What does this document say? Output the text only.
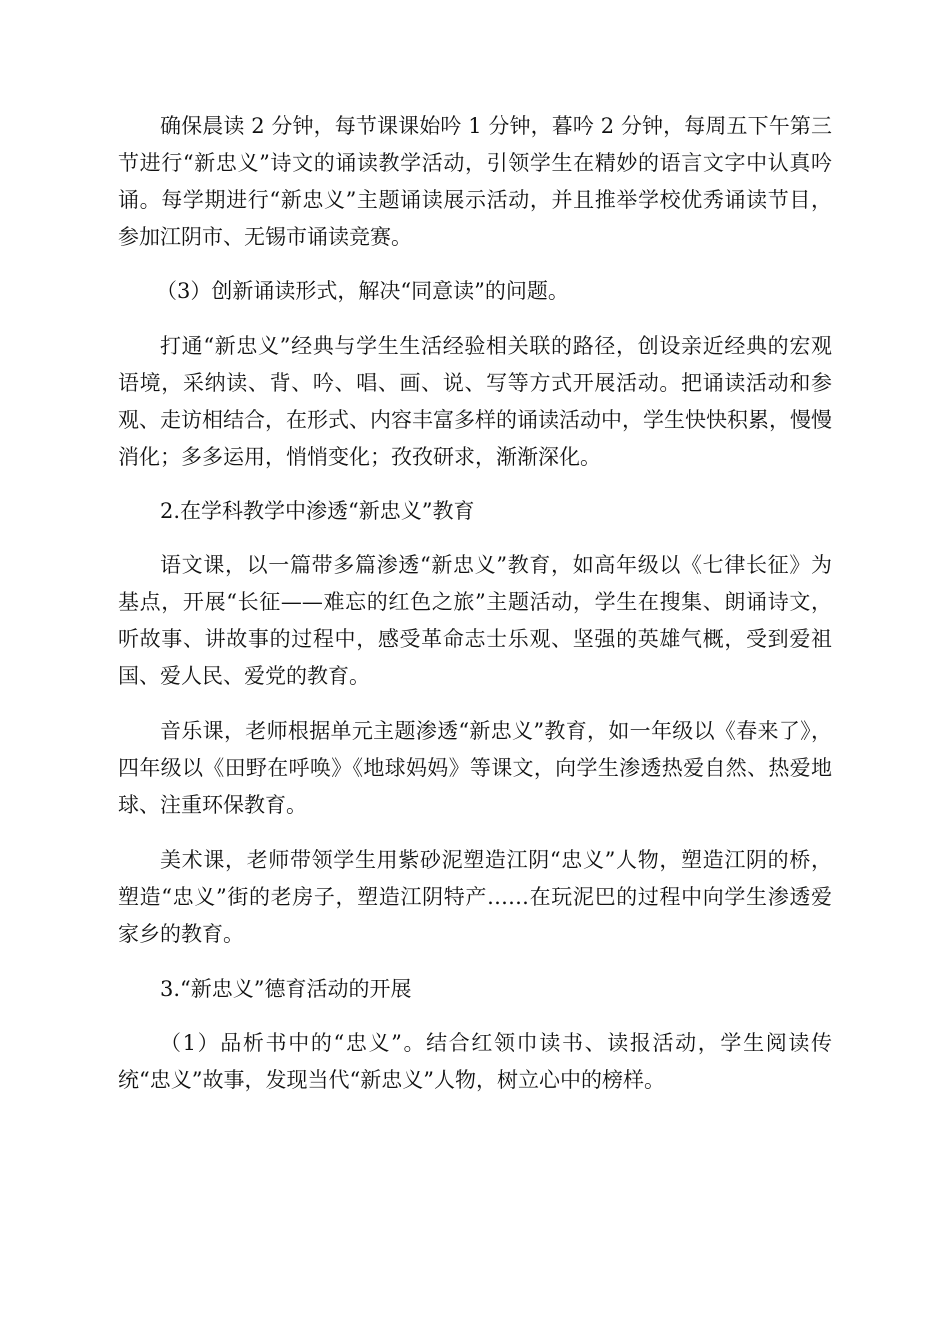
确保晨读 2 分钟，每节课课始吟 1 分钟，暮吟 2 分钟，每周五下午第三节进行“新忠义”诗文的诵读教学活动，引领学生在精妙的语言文字中认真吟诵。每学期进行“新忠义”主题诵读展示活动，并且推举学校优秀诵读节目，参加江阴市、无锡市诵读竞赛。

（3）创新诵读形式，解决“同意读”的问题。

打通“新忠义”经典与学生生活经验相关联的路径，创设亲近经典的宏观语境，采纳读、背、吟、唱、画、说、写等方式开展活动。把诵读活动和参观、走访相结合，在形式、内容丰富多样的诵读活动中，学生快快积累，慢慢消化；多多运用，悄悄变化；孜孜研求，渐渐深化。

2.在学科教学中渗透“新忠义”教育

语文课，以一篇带多篇渗透“新忠义”教育，如高年级以《七律长征》为基点，开展“长征——难忘的红色之旅”主题活动，学生在搜集、朗诵诗文，听故事、讲故事的过程中，感受革命志士乐观、坚强的英雄气概，受到爱祖国、爱人民、爱党的教育。

音乐课，老师根据单元主题渗透“新忠义”教育，如一年级以《春来了》，四年级以《田野在呼唤》《地球妈妈》等课文，向学生渗透热爱自然、热爱地球、注重环保教育。

美术课，老师带领学生用紫砂泥塑造江阴“忠义”人物，塑造江阴的桥，塑造“忠义”街的老房子，塑造江阴特产……在玩泥巴的过程中向学生渗透爱家乡的教育。

3.“新忠义”德育活动的开展

（1）品析书中的“忠义”。结合红领巾读书、读报活动，学生阅读传统“忠义”故事，发现当代“新忠义”人物，树立心中的榜样。
